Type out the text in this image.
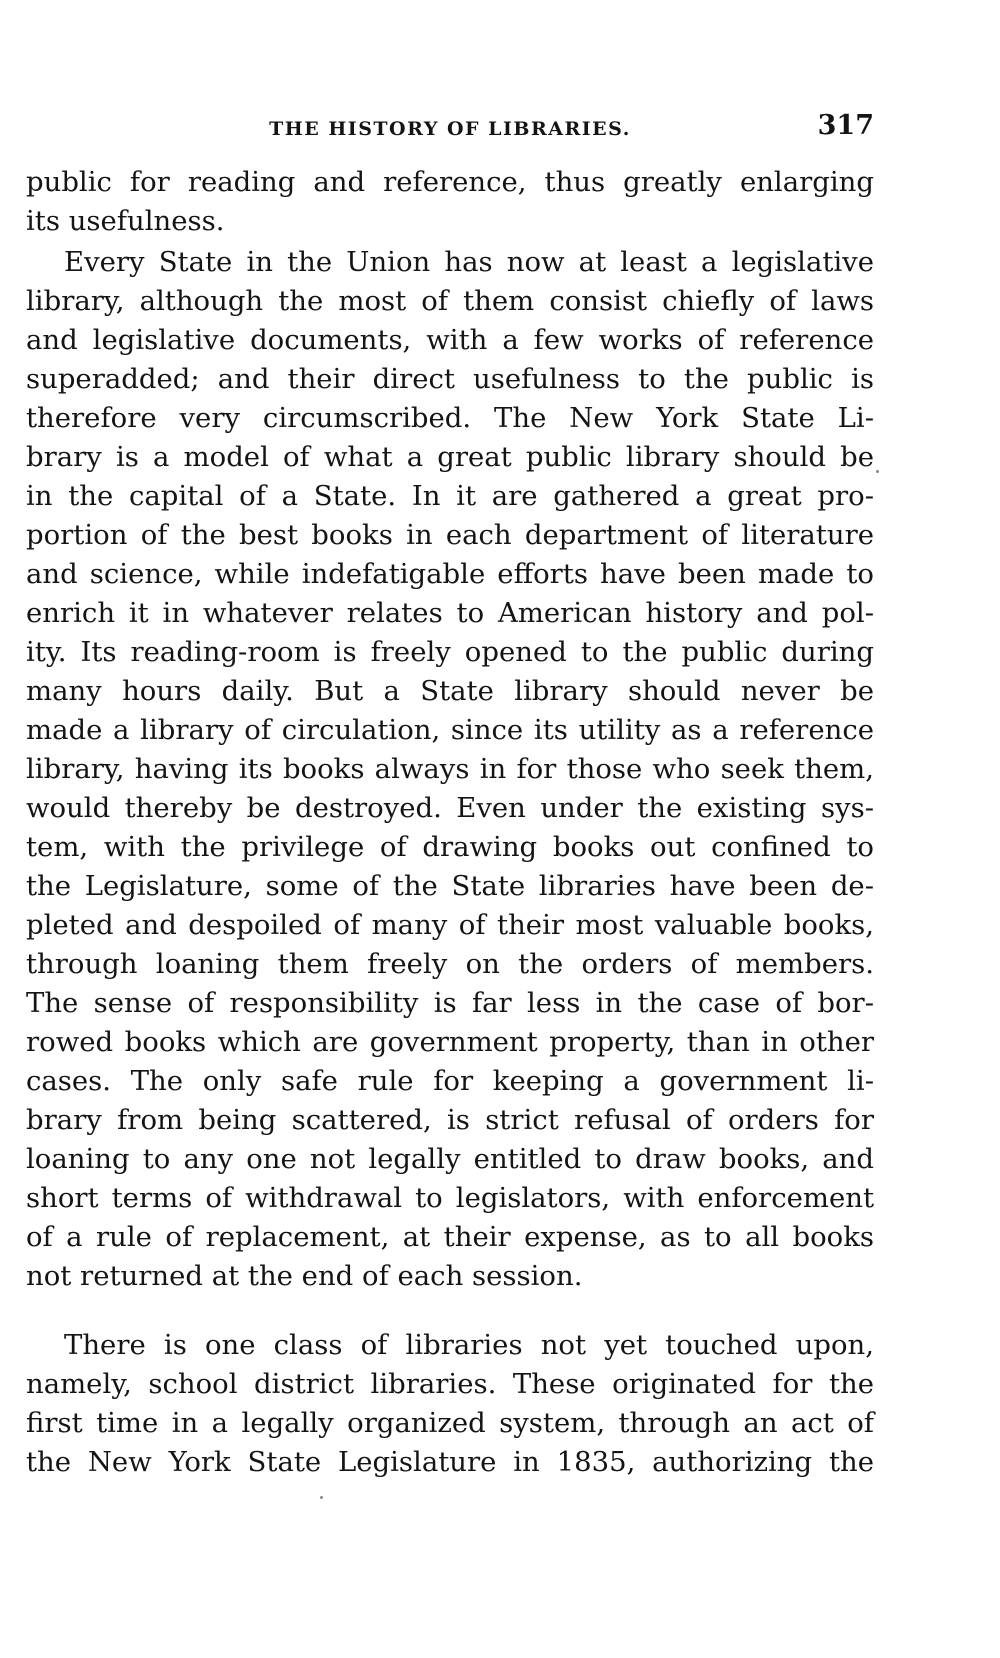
THE HISTORY OF LIBRARIES.	317
public for reading and reference, thus greatly enlarging
its usefulness.
Every State in the Union has now at least a legislative
library, although the most of them consist chiefly of laws
and legislative documents, with a few works of reference
superadded; and their direct usefulness to the public is
therefore very circumscribed. The New York State Li-
brary is a model of what a great public library should be
in the capital of a State. In it are gathered a great pro-
portion of the best books in each department of literature
and science, while indefatigable efforts have been made to
enrich it in whatever relates to American history and pol-
ity. Its reading-room is freely opened to the public during
many hours daily. But a State library should never be
made a library of circulation, since its utility as a reference
library, having its books always in for those who seek them,
would thereby be destroyed. Even under the existing sys-
tem, with the privilege of drawing books out confined to
the Legislature, some of the State libraries have been de-
pleted and despoiled of many of their most valuable books,
through loaning them freely on the orders of members.
The sense of responsibility is far less in the case of bor-
rowed books which are government property, than in other
cases. The only safe rule for keeping a government li-
brary from being scattered, is strict refusal of orders for
loaning to any one not legally entitled to draw books, and
short terms of withdrawal to legislators, with enforcement
of a rule of replacement, at their expense, as to all books
not returned at the end of each session.
There is one class of libraries not yet touched upon,
namely, school district libraries. These originated for the
first time in a legally organized system, through an act of
the New York State Legislature in 1835, authorizing the
